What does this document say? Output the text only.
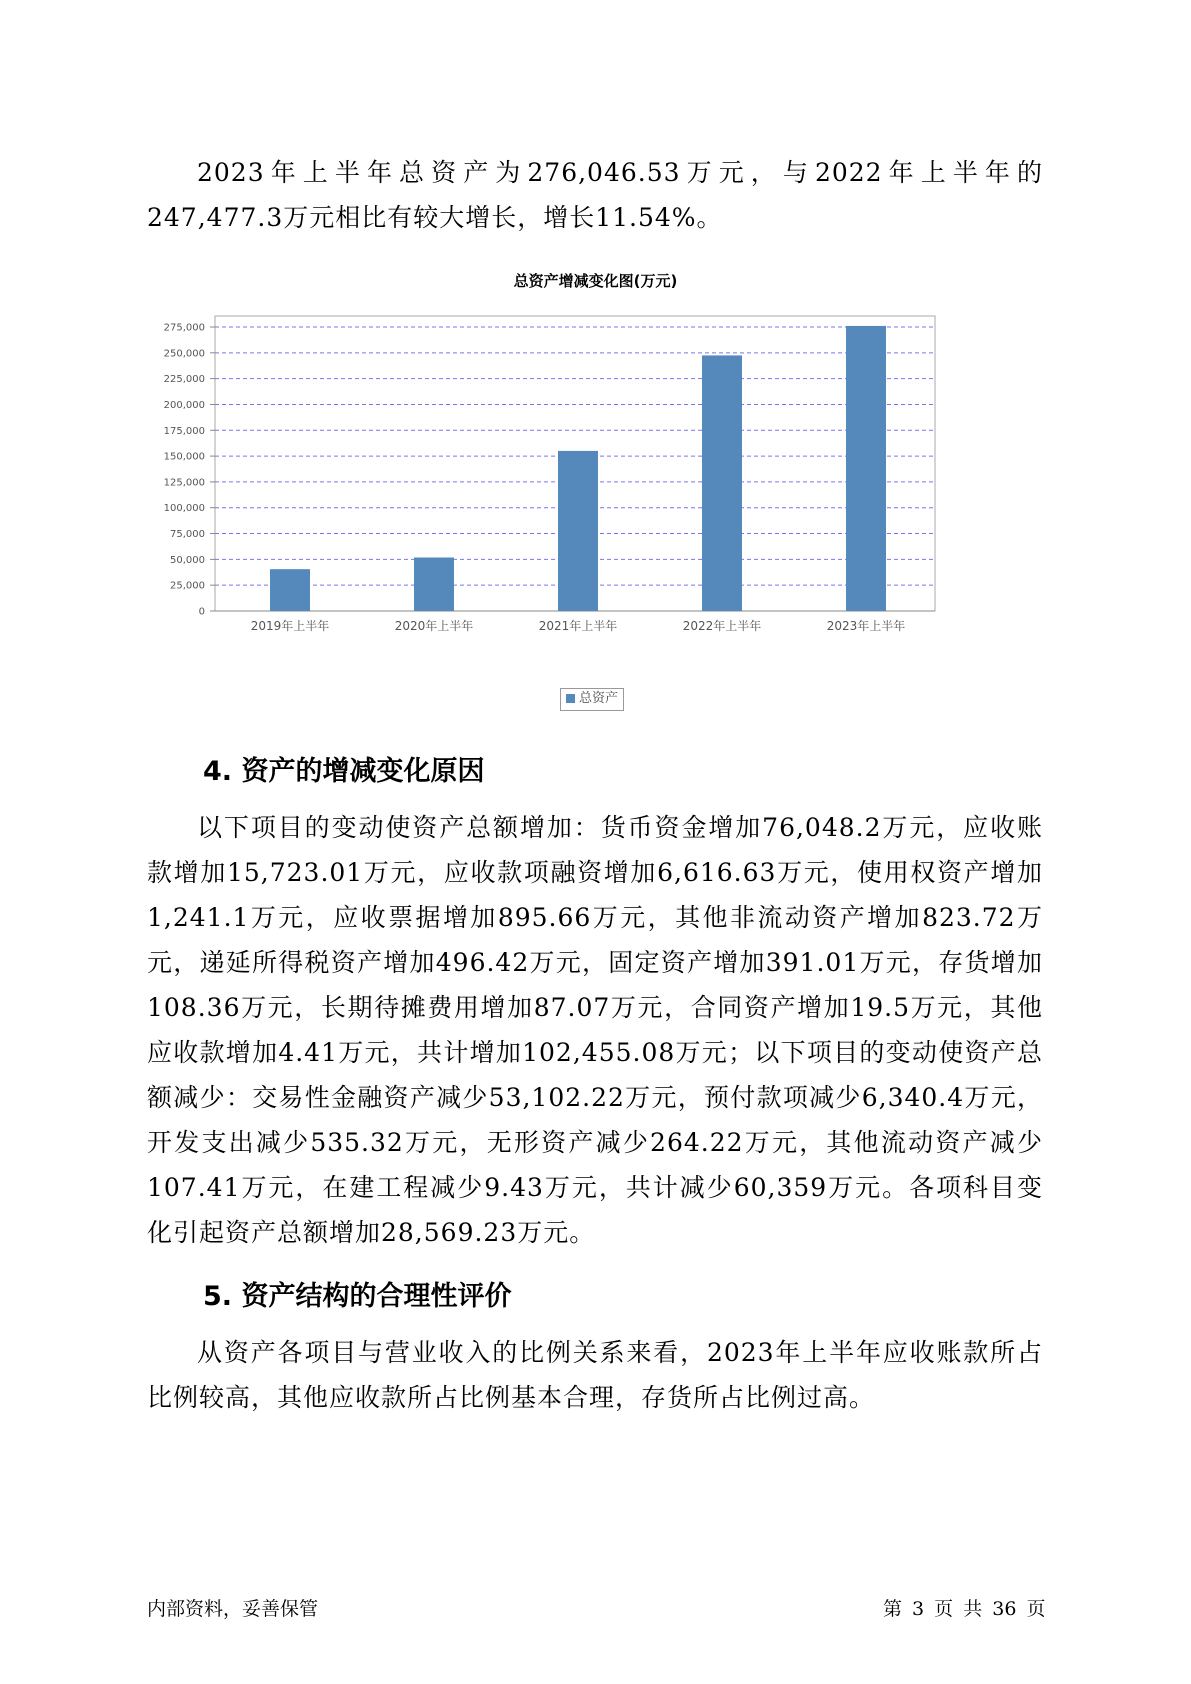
2023年上半年总资产为276,046.53万元，与2022年上半年的247,477.3万元相比有较大增长，增长11.54%。

总资产增减变化图(万元)
0
25,000
50,000
75,000
100,000
125,000
150,000
175,000
200,000
225,000
250,000
275,000
2019年上半年	2020年上半年	2021年上半年	2022年上半年	2023年上半年
总资产
4. 资产的增减变化原因

以下项目的变动使资产总额增加：货币资金增加76,048.2万元，应收账款增加15,723.01万元，应收款项融资增加6,616.63万元，使用权资产增加1,241.1万元，应收票据增加895.66万元，其他非流动资产增加823.72万元，递延所得税资产增加496.42万元，固定资产增加391.01万元，存货增加108.36万元，长期待摊费用增加87.07万元，合同资产增加19.5万元，其他应收款增加4.41万元，共计增加102,455.08万元；以下项目的变动使资产总额减少：交易性金融资产减少53,102.22万元，预付款项减少6,340.4万元，开发支出减少535.32万元，无形资产减少264.22万元，其他流动资产减少107.41万元，在建工程减少9.43万元，共计减少60,359万元。各项科目变化引起资产总额增加28,569.23万元。

5. 资产结构的合理性评价

从资产各项目与营业收入的比例关系来看，2023年上半年应收账款所占比例较高，其他应收款所占比例基本合理，存货所占比例过高。

内部资料，妥善保管	第 3 页 共 36 页
